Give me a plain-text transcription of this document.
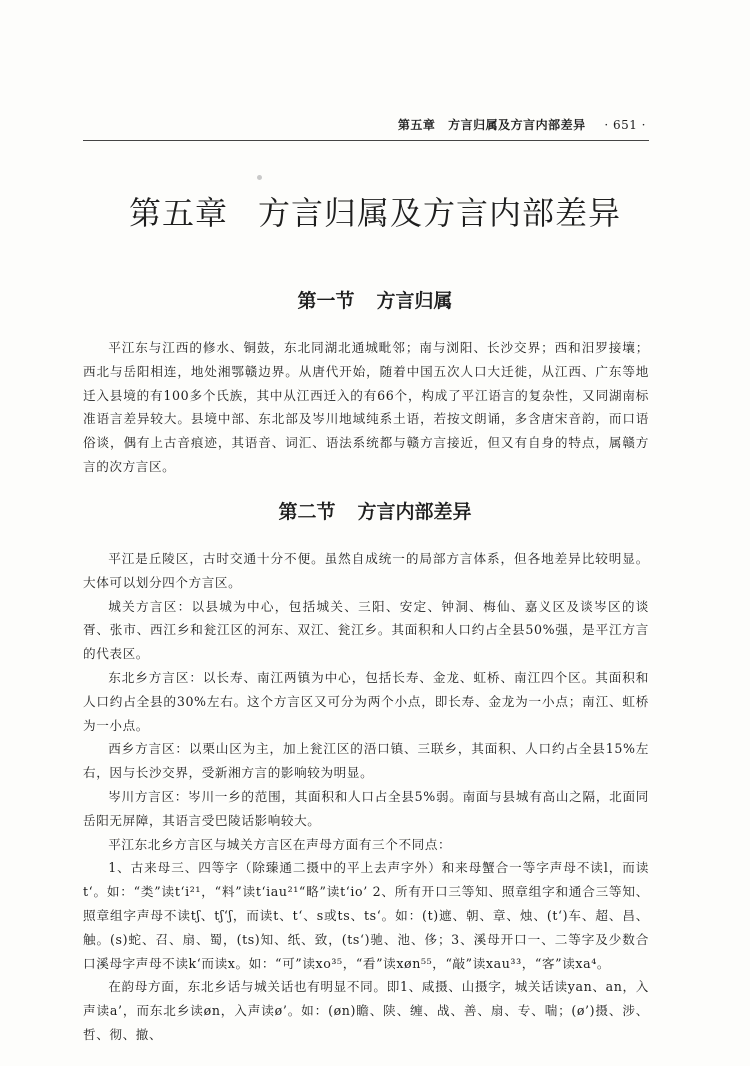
第五章 方言归属及方言内部差异 · 651 ·
第五章 方言归属及方言内部差异
第一节 方言归属

平江东与江西的修水、铜鼓，东北同湖北通城毗邻；南与浏阳、长沙交界；西和汨罗接壤；西北与岳阳相连，地处湘鄂赣边界。从唐代开始，随着中国五次人口大迁徙，从江西、广东等地迁入县境的有100多个氏族，其中从江西迁入的有66个，构成了平江语言的复杂性，又同湖南标准语言差异较大。县境中部、东北部及岑川地域纯系土语，若按文朗诵，多含唐宋音韵，而口语俗谈，偶有上古音痕迹，其语音、词汇、语法系统都与赣方言接近，但又有自身的特点，属赣方言的次方言区。

第二节 方言内部差异

平江是丘陵区，古时交通十分不便。虽然自成统一的局部方言体系，但各地差异比较明显。大体可以划分四个方言区。

城关方言区：以县城为中心，包括城关、三阳、安定、钟洞、梅仙、嘉义区及谈岑区的谈胥、张市、西江乡和瓮江区的河东、双江、瓮江乡。其面积和人口约占全县50%强，是平江方言的代表区。

东北乡方言区：以长寿、南江两镇为中心，包括长寿、金龙、虹桥、南江四个区。其面积和人口约占全县的30%左右。这个方言区又可分为两个小点，即长寿、金龙为一小点；南江、虹桥为一小点。

西乡方言区：以栗山区为主，加上瓮江区的浯口镇、三联乡，其面积、人口约占全县15%左右，因与长沙交界，受新湘方言的影响较为明显。

岑川方言区：岑川一乡的范围，其面积和人口占全县5%弱。南面与县城有高山之隔，北面同岳阳无屏障，其语言受巴陵话影响较大。

平江东北乡方言区与城关方言区在声母方面有三个不同点：

1、古来母三、四等字（除臻通二摄中的平上去声字外）和来母蟹合一等字声母不读l，而读t‘。如：“类”读t‘i²¹，“料”读t‘iau²¹“略”读t‘io’ 2、所有开口三等知、照章组字和通合三等知、照章组字声母不读tʃ、tʃ‘ʃ，而读t、t‘、s或ts、ts‘。如：(t)遮、朝、章、烛、(t‘)车、超、昌、触。(s)蛇、召、扇、蜀，(ts)知、纸、致，(ts‘)驰、池、侈；3、溪母开口一、二等字及少数合口溪母字声母不读k‘而读x。如：“可”读xo³⁵，“看”读xøn⁵⁵，“敲”读xau³³，“客”读xa⁴。

在韵母方面，东北乡话与城关话也有明显不同。即1、咸摄、山摄字，城关话读yan、an，入声读a’，而东北乡读øn，入声读ø’。如：(øn)瞻、陕、缠、战、善、扇、专、喘；(ø’)摄、涉、哲、彻、撤、
